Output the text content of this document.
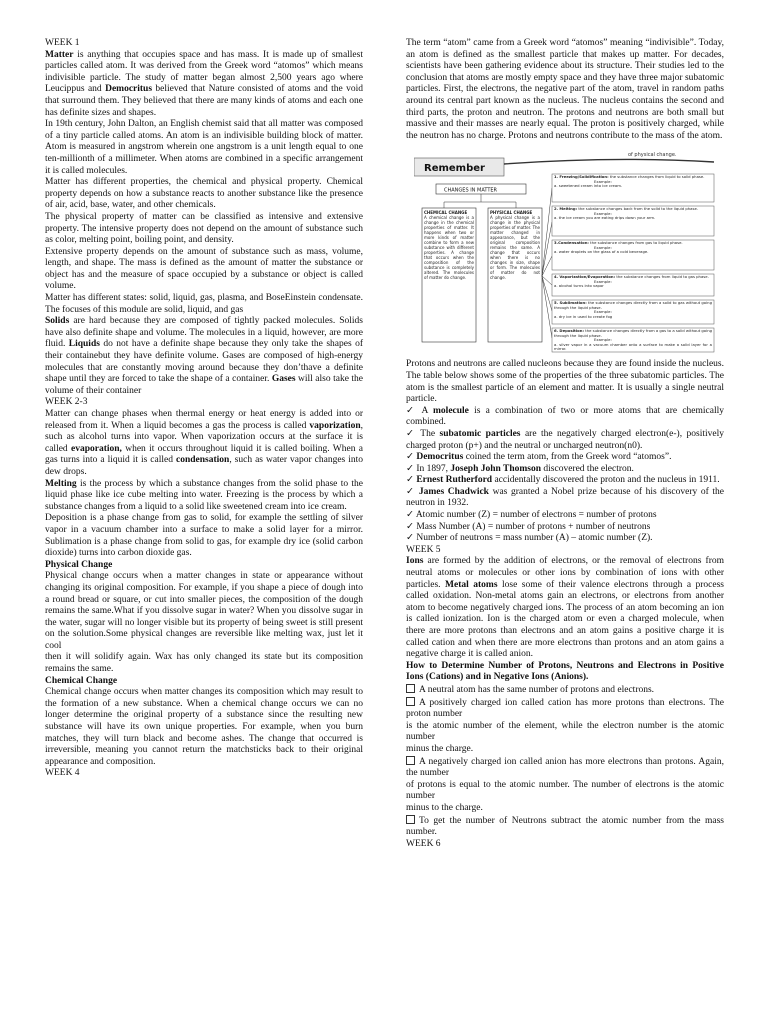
WEEK 1

Matter is anything that occupies space and has mass. It is made up of smallest particles called atom. It was derived from the Greek word “atomos” which means indivisible particle. The study of matter began almost 2,500 years ago where Leucippus and Democritus believed that Nature consisted of atoms and the void that surround them. They believed that there are many kinds of atoms and each one has definite sizes and shapes.

In 19th century, John Dalton, an English chemist said that all matter was composed of a tiny particle called atoms. An atom is an indivisible building block of matter. Atom is measured in angstrom wherein one angstrom is a unit length equal to one ten-millionth of a millimeter. When atoms are combined in a specific arrangement it is called molecules.

Matter has different properties, the chemical and physical property. Chemical property depends on how a substance reacts to another substance like the presence of air, acid, base, water, and other chemicals.

The physical property of matter can be classified as intensive and extensive property. The intensive property does not depend on the amount of substance such as color, melting point, boiling point, and density.

Extensive property depends on the amount of substance such as mass, volume, length, and shape. The mass is defined as the amount of matter the substance or object has and the measure of space occupied by a substance or object is called volume.

Matter has different states: solid, liquid, gas, plasma, and BoseEinstein condensate. The focuses of this module are solid, liquid, and gas

Solids are hard because they are composed of tightly packed molecules. Solids have also definite shape and volume. The molecules in a liquid, however, are more fluid. Liquids do not have a definite shape because they only take the shapes of their containebut they have definite volume. Gases are composed of high-energy molecules that are constantly moving around because they don’thave a definite shape until they are forced to take the shape of a container. Gases will also take the volume of their container

WEEK 2-3

Matter can change phases when thermal energy or heat energy is added into or released from it. When a liquid becomes a gas the process is called vaporization, such as alcohol turns into vapor. When vaporization occurs at the surface it is called evaporation, when it occurs throughout liquid it is called boiling. When a gas turns into a liquid it is called condensation, such as water vapor changes into dew drops.

Melting is the process by which a substance changes from the solid phase to the liquid phase like ice cube melting into water. Freezing is the process by which a substance changes from a liquid to a solid like sweetened cream into ice cream.

Deposition is a phase change from gas to solid, for example the settling of silver vapor in a vacuum chamber into a surface to make a solid layer for a mirror. Sublimation is a phase change from solid to gas, for example dry ice (solid carbon dioxide) turns into carbon dioxide gas.

Physical Change

Physical change occurs when a matter changes in state or appearance without changing its original composition. For example, if you shape a piece of dough into a round bread or square, or cut into smaller pieces, the composition of the dough remains the same.What if you dissolve sugar in water? When you dissolve sugar in the water, sugar will no longer visible but its property of being sweet is still present on the solution.Some physical changes are reversible like melting wax, just let it cool

then it will solidify again. Wax has only changed its state but its composition remains the same.

Chemical Change

Chemical change occurs when matter changes its composition which may result to the formation of a new substance. When a chemical change occurs we can no longer determine the original property of a substance since the resulting new substance will have its own unique properties. For example, when you burn matches, they will turn black and become ashes. The change that occurred is irreversible, meaning you cannot return the matchsticks back to their original appearance and composition.

WEEK 4

The term “atom” came from a Greek word “atomos” meaning “indivisible”. Today, an atom is defined as the smallest particle that makes up matter. For decades, scientists have been gathering evidence about its structure. Their studies led to the conclusion that atoms are mostly empty space and they have three major subatomic particles. First, the electrons, the negative part of the atom, travel in random paths around its central part known as the nucleus. The nucleus contains the second and third parts, the proton and neutron. The protons and neutrons are both small but massive and their masses are nearly equal. The proton is positively charged, while the neutron has no charge. Protons and neutrons contribute to the mass of the atom.

of physical change.
Remember
CHANGES IN MATTER
CHEMICAL CHANGE
A chemical change is a change in the chemical properties of matter. It happens when two or more kinds of matter combine to form a new substance with different properties. A change that occurs when the composition of the substance is completely altered. The molecules of matter do change.
PHYSICAL CHANGE
A physical change is a change in the physical properties of matter. The matter changed in appearance, but the original composition remains the same. A change that occurs when there is no changes in size, shape or form. The molecules of matter do not change.
1. Freezing/Solidification: the substance changes from liquid to solid phase.
Example:
a. sweetened cream into ice cream.
2. Melting: the substance changes back from the solid to the liquid phase.
Example:
a. the ice cream you are eating drips down your arm.
3.Condensation: the substance changes from gas to liquid phase.
Example:
a. water droplets on the glass of a cold beverage.
4. Vaporization/Evaporation: the substance changes from liquid to gas phase.
Example:
a. alcohol turns into vapor
5. Sublimation: the substance changes directly from a solid to gas without going through the liquid phase.
Example:
a. dry ice in used to create fog
6. Deposition: the substance changes directly from a gas to a solid without going through the liquid phase.
Example:
a. silver vapor in a vacuum chamber onto a surface to make a solid layer for a mirror.

Protons and neutrons are called nucleons because they are found inside the nucleus. The table below shows some of the properties of the three subatomic particles. The atom is the smallest particle of an element and matter. It is usually a single neutral particle.

✓ A molecule is a combination of two or more atoms that are chemically combined.

✓ The subatomic particles are the negatively charged electron(e-), positively charged proton (p+) and the neutral or uncharged neutron(n0).

✓ Democritus coined the term atom, from the Greek word “atomos”.

✓ In 1897, Joseph John Thomson discovered the electron.

✓ Ernest Rutherford accidentally discovered the proton and the nucleus in 1911.

✓ James Chadwick was granted a Nobel prize because of his discovery of the neutron in 1932.

✓ Atomic number (Z) = number of electrons = number of protons

✓ Mass Number (A) = number of protons + number of neutrons

✓ Number of neutrons = mass number (A) – atomic number (Z).

WEEK 5

Ions are formed by the addition of electrons, or the removal of electrons from neutral atoms or molecules or other ions by combination of ions with other particles. Metal atoms lose some of their valence electrons through a process called oxidation. Non-metal atoms gain an electrons, or electrons from another atom to become negatively charged ions. The process of an atom becoming an ion is called ionization. Ion is the charged atom or even a charged molecule, when there are more protons than electrons and an atom gains a positive charge it is called cation and when there are more electrons than protons and an atom gains a negative charge it is called anion.

How to Determine Number of Protons, Neutrons and Electrons in Positive Ions (Cations) and in Negative Ions (Anions).

A neutral atom has the same number of protons and electrons.

A positively charged ion called cation has more protons than electrons. The proton number

is the atomic number of the element, while the electron number is the atomic number

minus the charge.

A negatively charged ion called anion has more electrons than protons. Again, the number

of protons is equal to the atomic number. The number of electrons is the atomic number

minus to the charge.

To get the number of Neutrons subtract the atomic number from the mass number.

WEEK 6
